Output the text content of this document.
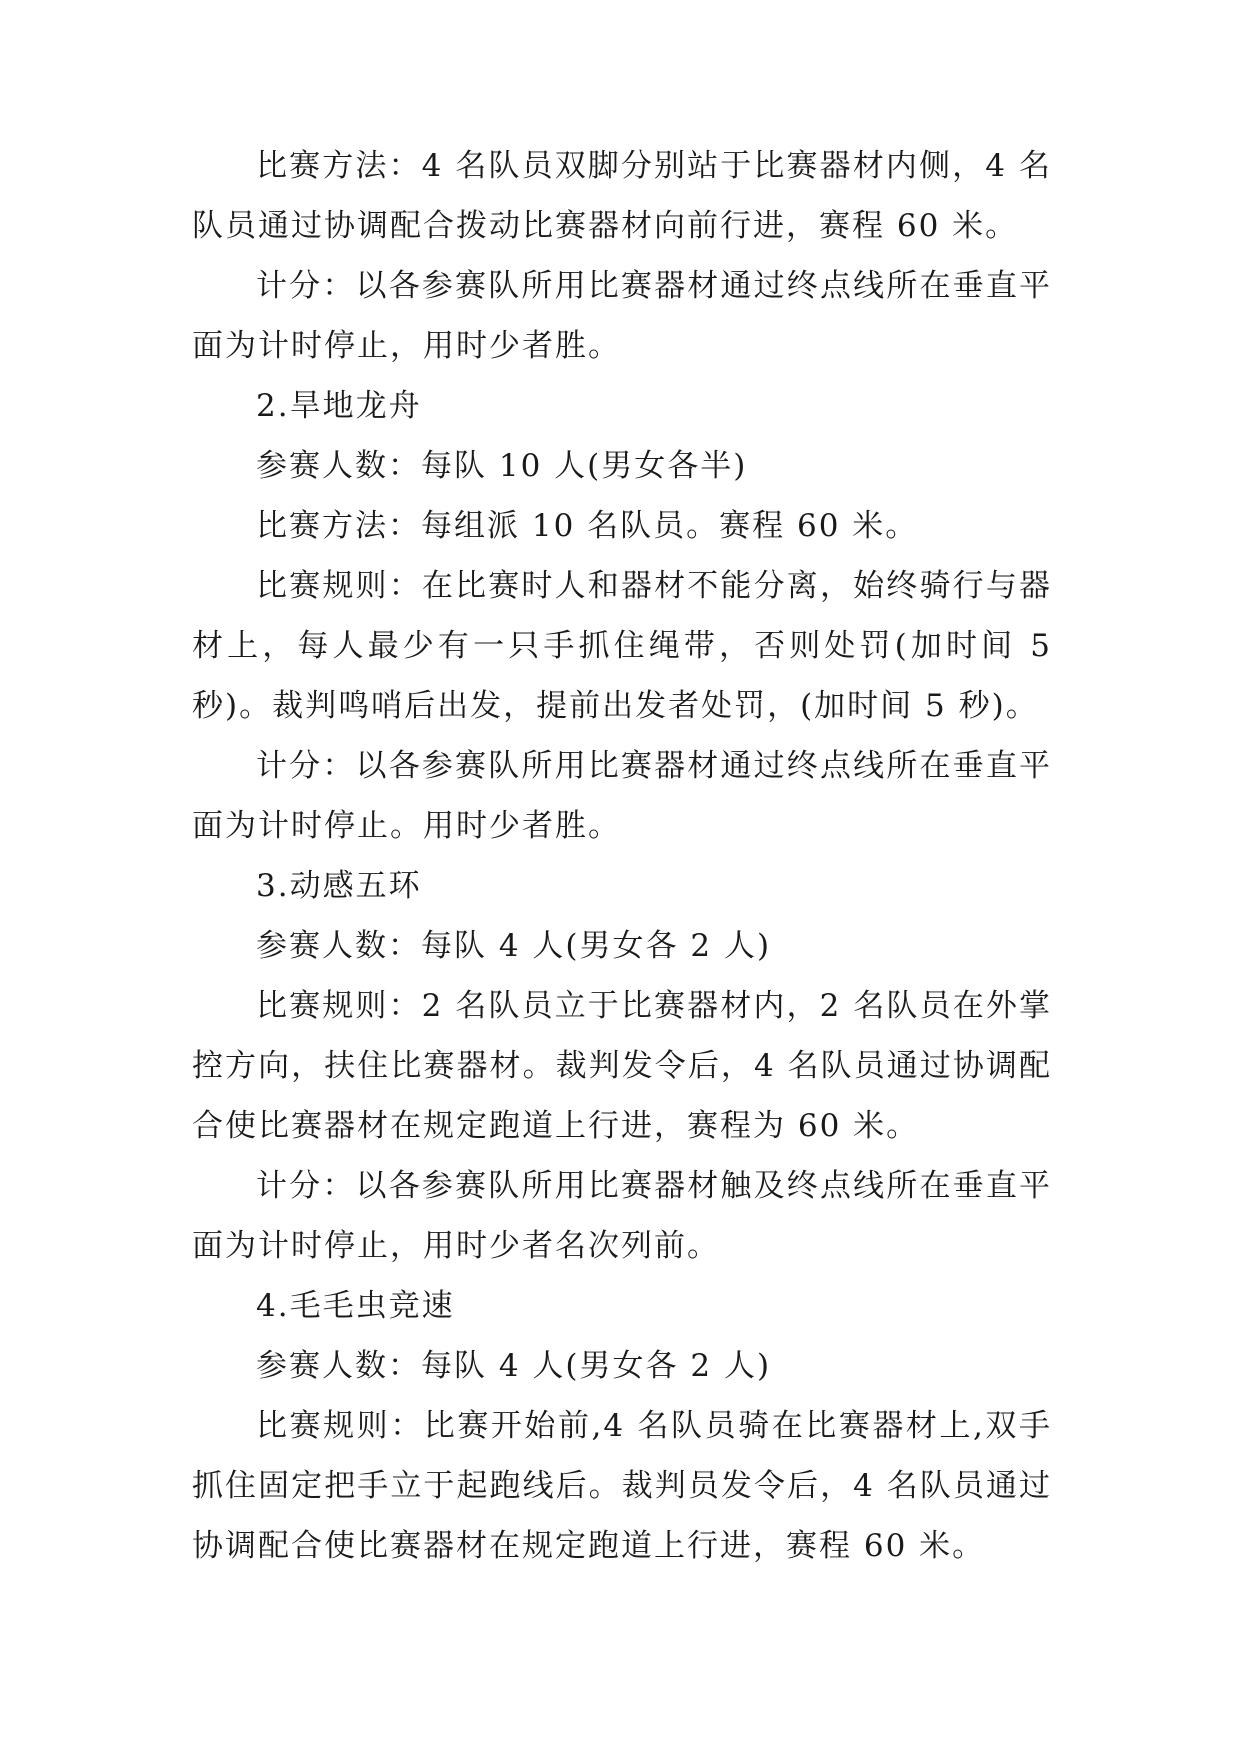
比赛方法：4 名队员双脚分别站于比赛器材内侧，4 名
队员通过协调配合拨动比赛器材向前行进，赛程 60 米。
计分：以各参赛队所用比赛器材通过终点线所在垂直平
面为计时停止，用时少者胜。
2.旱地龙舟
参赛人数：每队 10 人(男女各半)
比赛方法：每组派 10 名队员。赛程 60 米。
比赛规则：在比赛时人和器材不能分离，始终骑行与器
材上，每人最少有一只手抓住绳带，否则处罚(加时间 5
秒)。裁判鸣哨后出发，提前出发者处罚，(加时间 5 秒)。
计分：以各参赛队所用比赛器材通过终点线所在垂直平
面为计时停止。用时少者胜。
3.动感五环
参赛人数：每队 4 人(男女各 2 人)
比赛规则：2 名队员立于比赛器材内，2 名队员在外掌
控方向，扶住比赛器材。裁判发令后，4 名队员通过协调配
合使比赛器材在规定跑道上行进，赛程为 60 米。
计分：以各参赛队所用比赛器材触及终点线所在垂直平
面为计时停止，用时少者名次列前。
4.毛毛虫竞速
参赛人数：每队 4 人(男女各 2 人)
比赛规则：比赛开始前,4 名队员骑在比赛器材上,双手
抓住固定把手立于起跑线后。裁判员发令后，4 名队员通过
协调配合使比赛器材在规定跑道上行进，赛程 60 米。
